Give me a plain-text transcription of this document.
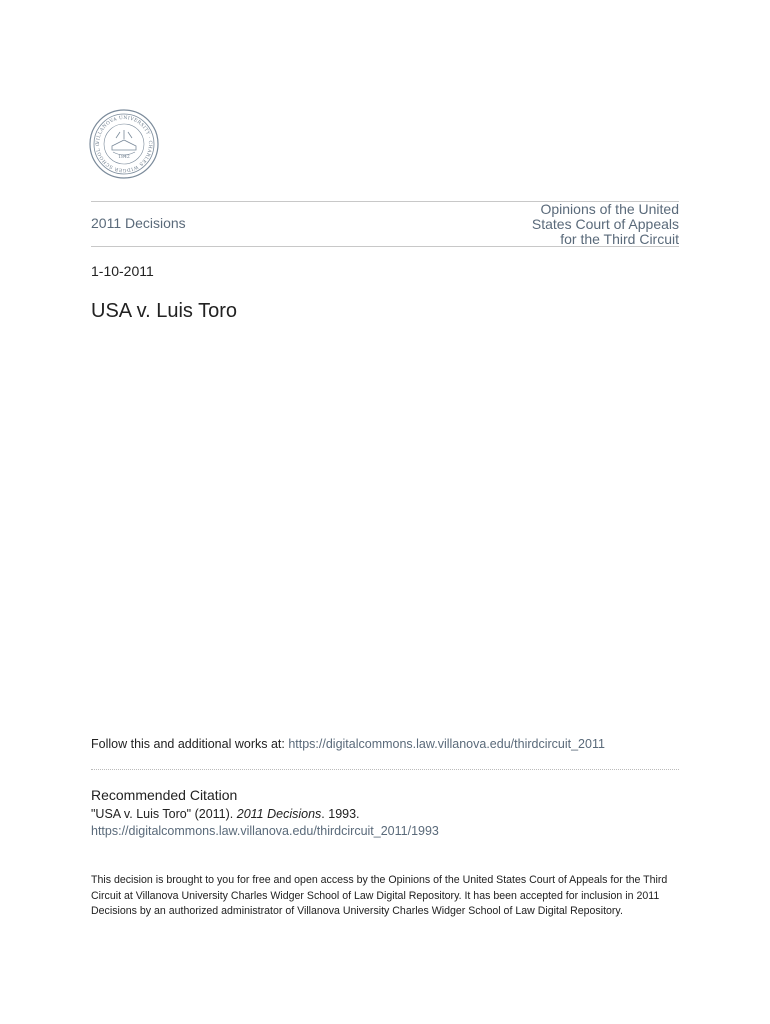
VILLANOVA UNIVERSITY · CHARLES WIDGER SCHOOL O
1842
2011 Decisions
Opinions of the United
States Court of Appeals
for the Third Circuit
1-10-2011
USA v. Luis Toro
Follow this and additional works at: https://digitalcommons.law.villanova.edu/thirdcircuit_2011
Recommended Citation
"USA v. Luis Toro" (2011). 2011 Decisions. 1993.
https://digitalcommons.law.villanova.edu/thirdcircuit_2011/1993
This decision is brought to you for free and open access by the Opinions of the United States Court of Appeals for the Third Circuit at Villanova University Charles Widger School of Law Digital Repository. It has been accepted for inclusion in 2011 Decisions by an authorized administrator of Villanova University Charles Widger School of Law Digital Repository.
